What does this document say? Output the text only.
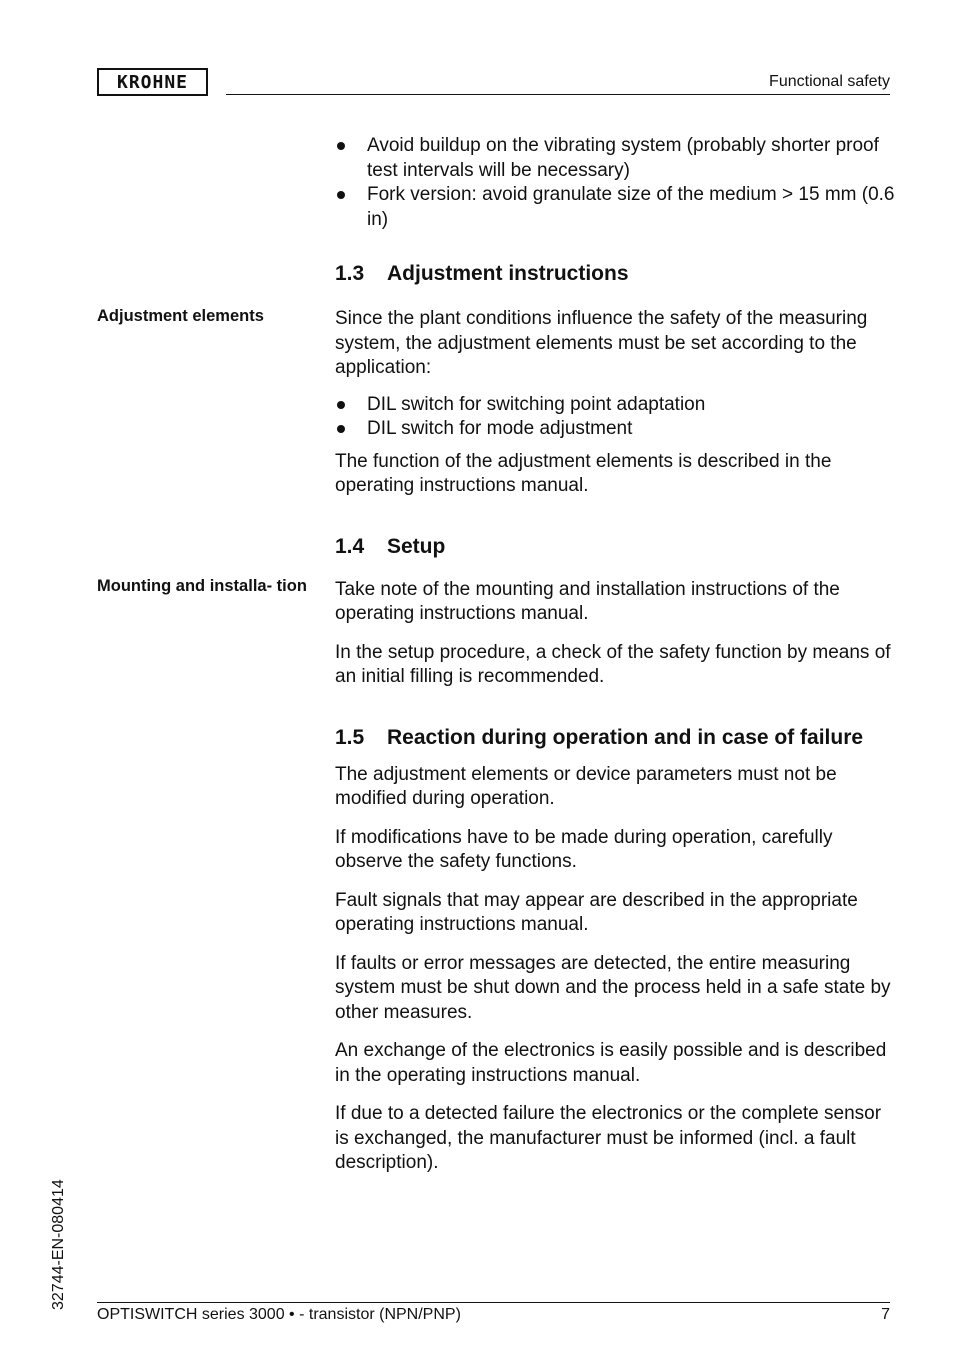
KROHNE	Functional safety
Adjustment elements
Mounting and installa- tion
Avoid buildup on the vibrating system (probably shorter proof test intervals will be necessary)
Fork version: avoid granulate size of the medium > 15 mm (0.6 in)
1.3	Adjustment instructions

Since the plant conditions influence the safety of the measuring system, the adjustment elements must be set according to the application:

DIL switch for switching point adaptation
DIL switch for mode adjustment

The function of the adjustment elements is described in the operating instructions manual.

1.4	Setup

Take note of the mounting and installation instructions of the operating instructions manual.

In the setup procedure, a check of the safety function by means of an initial filling is recommended.

1.5	Reaction during operation and in case of failure

The adjustment elements or device parameters must not be modified during operation.

If modifications have to be made during operation, carefully observe the safety functions.

Fault signals that may appear are described in the appropriate operating instructions manual.

If faults or error messages are detected, the entire measuring system must be shut down and the process held in a safe state by other measures.

An exchange of the electronics is easily possible and is described in the operating instructions manual.

If due to a detected failure the electronics or the complete sensor is exchanged, the manufacturer must be informed (incl. a fault description).

32744-EN-080414
OPTISWITCH series 3000 • - transistor (NPN/PNP)	7
